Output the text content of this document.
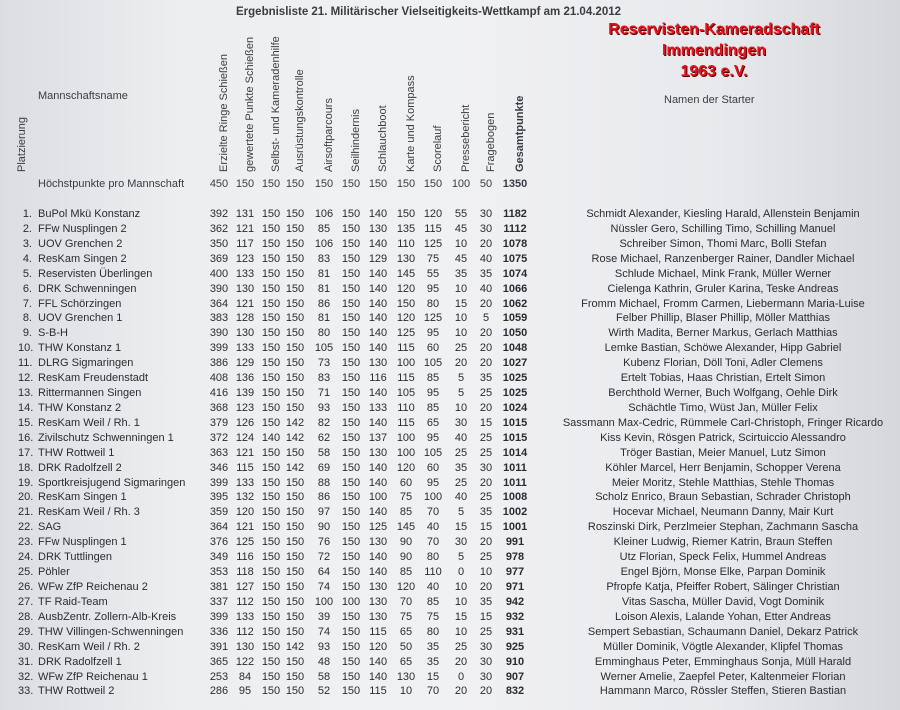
Ergebnisliste 21. Militärischer Vielseitigkeits-Wettkampf am 21.04.2012
Reservisten-Kameradschaft
Immendingen
1963 e.V.
Namen der Starter
Mannschaftsname
Platzierung
Höchstpunkte pro Mannschaft
Erzielte Ringe Schießen gewertete Punkte Schießen Selbst- und Kameradenhilfe Ausrüstungskontrolle Airsoftparcours Seilhindernis Schlauchboot Karte und Kompass Scorelauf Pressebericht Fragebogen Gesamtpunkte
450 150 150 150 150 150 150 150 150 100 50 1350
1. BuPol Mkü Konstanz	392 131 150 150 106 150 140 150 120	55	30 1182	Schmidt Alexander, Kiesling Harald, Allenstein Benjamin
2. FFw Nusplingen 2	362 121 150 150	85	150 130 135 115	45	30	1112	Nüssler Gero, Schilling Timo, Schilling Manuel
3. UOV Grenchen 2	350 117 150 150 106 150 140 110 125	10	20 1078	Schreiber Simon, Thomi Marc, Bolli Stefan
4. ResKam Singen 2	369 123 150 150	83	150 129 130	75	45	40 1075	Rose Michael, Ranzenberger Rainer, Dandler Michael
5. Reservisten Überlingen	400 133 150 150	81	150 140 145	55	35	35 1074	Schlude Michael, Mink Frank, Müller Werner
6. DRK Schwenningen	390 130 150 150	81	150 140 120	95	10	40 1066	Cielenga Kathrin, Gruler Karina, Teske Andreas
7. FFL Schörzingen	364 121 150 150	86	150 140 150	80	15	20 1062	Fromm Michael, Fromm Carmen, Liebermann Maria-Luise
8. UOV Grenchen 1	383 128 150 150	81	150 140 120 125	10	5	1059	Felber Phillip, Blaser Phillip, Möller Matthias
9. S-B-H	390 130 150 150	80	150 140 125	95	10	20 1050	Wirth Madita, Berner Markus, Gerlach Matthias
10. THW Konstanz 1	399 133 150 150 105 150 140 115	60	25	20 1048	Lemke Bastian, Schöwe Alexander, Hipp Gabriel
11. DLRG Sigmaringen	386 129 150 150	73	150 130 100 105	20	20 1027	Kubenz Florian, Döll Toni, Adler Clemens
12. ResKam Freudenstadt	408 136 150 150	83	150 116 115	85	5	35 1025	Ertelt Tobias, Haas Christian, Ertelt Simon
13. Rittermannen Singen	416 139 150 150	71	150 140 105	95	5	25 1025	Berchthold Werner, Buch Wolfgang, Oehle Dirk
14. THW Konstanz 2	368 123 150 150	93	150 133 110	85	10	20 1024	Schächtle Timo, Wüst Jan, Müller Felix
15. ResKam Weil / Rh. 1	379 126 150 142	82	150 140 115	65	30	15 1015	Sassmann Max-Cedric, Rümmele Carl-Christoph, Fringer Ricardo
16. Zivilschutz Schwenningen 1	372 124 140 142	62	150 137 100	95	40	25 1015	Kiss Kevin, Rösgen Patrick, Scirtuiccio Alessandro
17. THW Rottweil 1	363 121 150 150	58	150 130 100 105	25	25 1014	Tröger Bastian, Meier Manuel, Lutz Simon
18. DRK Radolfzell 2	346 115 150 142	69	150 140 120	60	35	30 1011	Köhler Marcel, Herr Benjamin, Schopper Verena
19. Sportkreisjugend Sigmaringen	399 133 150 150	88	150 140	60	95	25	20 1011	Meier Moritz, Stehle Matthias, Stehle Thomas
20. ResKam Singen 1	395 132 150 150	86	150 100	75	100	40	25 1008	Scholz Enrico, Braun Sebastian, Schrader Christoph
21. ResKam Weil / Rh. 3	359 120 150 150	97	150 140	85	70	5	35 1002	Hocevar Michael, Neumann Danny, Mair Kurt
22. SAG	364 121 150 150	90	150 125 145	40	15	15 1001	Roszinski Dirk, Perzlmeier Stephan, Zachmann Sascha
23. FFw Nusplingen 1	376 125 150 150	76	150 130	90	70	30	20	991	Kleiner Ludwig, Riemer Katrin, Braun Steffen
24. DRK Tuttlingen	349 116 150 150	72	150 140	90	80	5	25	978	Utz Florian, Speck Felix, Hummel Andreas
25. Pöhler	353 118 150 150	64	150 140	85	110	0	10	977	Engel Björn, Monse Elke, Parpan Dominik
26. WFw ZfP Reichenau 2	381 127 150 150	74	150 130 120	40	10	20	971	Pfropfe Katja, Pfeiffer Robert, Sälinger Christian
27. TF Raid-Team	337 112 150 150 100 100 130	70	85	10	35	942	Vitas Sascha, Müller David, Vogt Dominik
28. AusbZentr. Zollern-Alb-Kreis	399 133 150 150	39	150 130	75	75	15	15	932	Loison Alexis, Lalande Yohan, Etter Andreas
29. THW Villingen-Schwenningen	336 112 150 150	74	150 115	65	80	10	25	931	Sempert Sebastian, Schaumann Daniel, Dekarz Patrick
30. ResKam Weil / Rh. 2	391 130 150 142	93	150 120	50	35	25	30	925	Müller Dominik, Vögtle Alexander, Klipfel Thomas
31. DRK Radolfzell 1	365 122 150 150	48	150 140	65	35	20	30	910	Emminghaus Peter, Emminghaus Sonja, Müll Harald
32. WFw ZfP Reichenau 1	253 84 150 150	58	150 140 130	15	0	30	907	Werner Amelie, Zaepfel Peter, Kaltenmeier Florian
33. THW Rottweil 2	286 95 150 150	52	150 115	10	70	20	20	832	Hammann Marco, Rössler Steffen, Stieren Bastian
